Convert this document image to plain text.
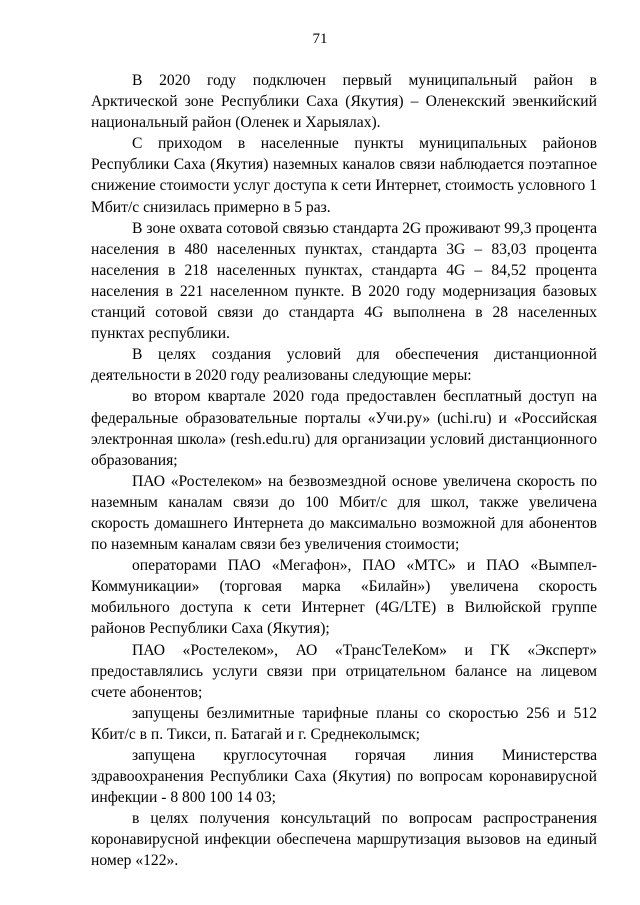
71

В 2020 году подключен первый муниципальный район в Арктической зоне Республики Саха (Якутия) – Оленекский эвенкийский национальный район (Оленек и Харыялах).

С приходом в населенные пункты муниципальных районов Республики Саха (Якутия) наземных каналов связи наблюдается поэтапное снижение стоимости услуг доступа к сети Интернет, стоимость условного 1 Мбит/с снизилась примерно в 5 раз.

В зоне охвата сотовой связью стандарта 2G проживают 99,3 процента населения в 480 населенных пунктах, стандарта 3G – 83,03 процента населения в 218 населенных пунктах, стандарта 4G – 84,52 процента населения в 221 населенном пункте. В 2020 году модернизация базовых станций сотовой связи до стандарта 4G выполнена в 28 населенных пунктах республики.

В целях создания условий для обеспечения дистанционной деятельности в 2020 году реализованы следующие меры:

во втором квартале 2020 года предоставлен бесплатный доступ на федеральные образовательные порталы «Учи.ру» (uchi.ru) и «Российская электронная школа» (resh.edu.ru) для организации условий дистанционного образования;

ПАО «Ростелеком» на безвозмездной основе увеличена скорость по наземным каналам связи до 100 Мбит/с для школ, также увеличена скорость домашнего Интернета до максимально возможной для абонентов по наземным каналам связи без увеличения стоимости;

операторами ПАО «Мегафон», ПАО «МТС» и ПАО «Вымпел-Коммуникации» (торговая марка «Билайн») увеличена скорость мобильного доступа к сети Интернет (4G/LTE) в Вилюйской группе районов Республики Саха (Якутия);

ПАО «Ростелеком», АО «ТрансТелеКом» и ГК «Эксперт» предоставлялись услуги связи при отрицательном балансе на лицевом счете абонентов;

запущены безлимитные тарифные планы со скоростью 256 и 512 Кбит/с в п. Тикси, п. Батагай и г. Среднеколымск;

запущена круглосуточная горячая линия Министерства здравоохранения Республики Саха (Якутия) по вопросам коронавирусной инфекции - 8 800 100 14 03;

в целях получения консультаций по вопросам распространения коронавирусной инфекции обеспечена маршрутизация вызовов на единый номер «122».
